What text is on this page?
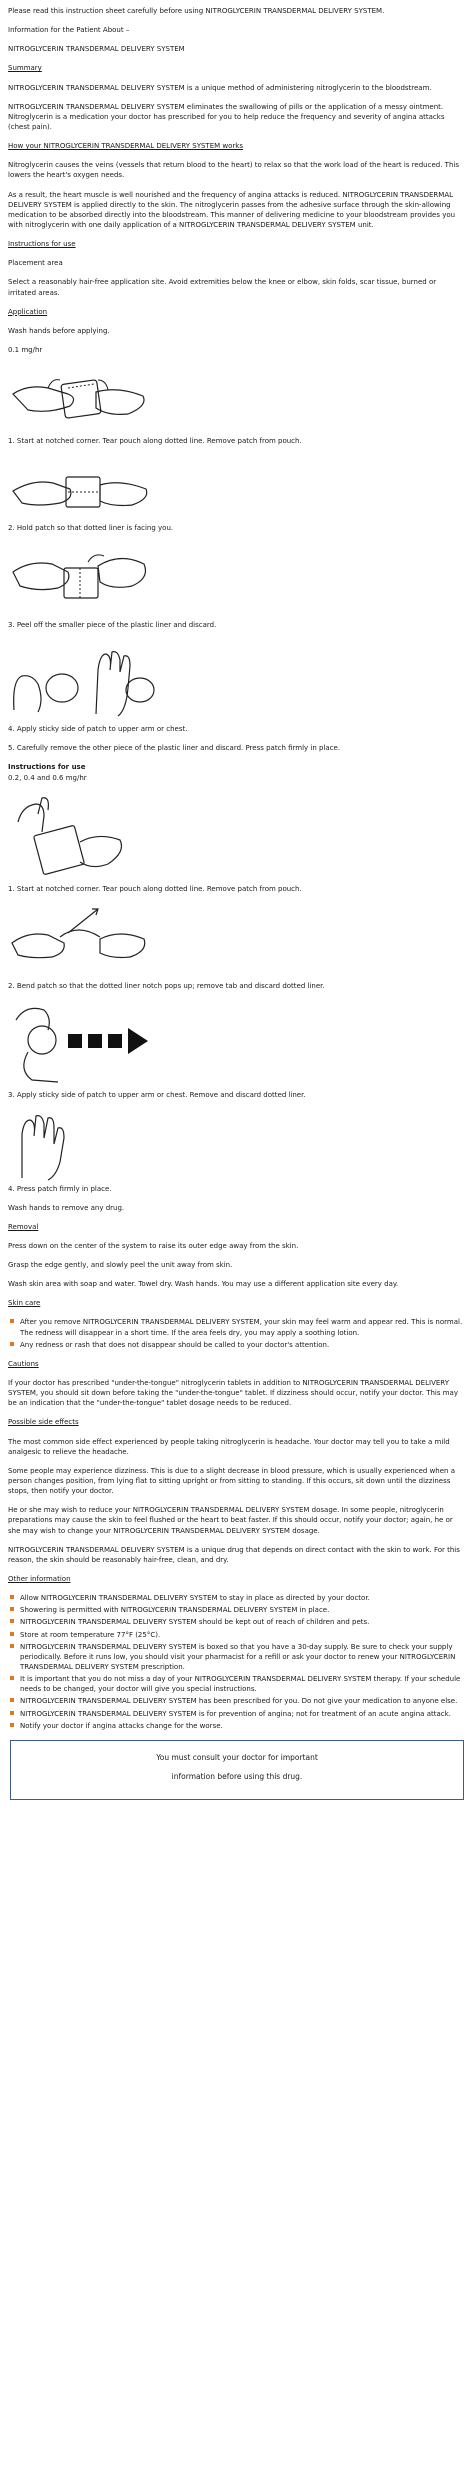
Please read this instruction sheet carefully before using NITROGLYCERIN TRANSDERMAL DELIVERY SYSTEM.

Information for the Patient About –

NITROGLYCERIN TRANSDERMAL DELIVERY SYSTEM

Summary

NITROGLYCERIN TRANSDERMAL DELIVERY SYSTEM is a unique method of administering nitroglycerin to the bloodstream.

NITROGLYCERIN TRANSDERMAL DELIVERY SYSTEM eliminates the swallowing of pills or the application of a messy ointment. Nitroglycerin is a medication your doctor has prescribed for you to help reduce the frequency and severity of angina attacks (chest pain).

How your NITROGLYCERIN TRANSDERMAL DELIVERY SYSTEM works

Nitroglycerin causes the veins (vessels that return blood to the heart) to relax so that the work load of the heart is reduced. This lowers the heart's oxygen needs.

As a result, the heart muscle is well nourished and the frequency of angina attacks is reduced. NITROGLYCERIN TRANSDERMAL DELIVERY SYSTEM is applied directly to the skin. The nitroglycerin passes from the adhesive surface through the skin-allowing medication to be absorbed directly into the bloodstream. This manner of delivering medicine to your bloodstream provides you with nitroglycerin with one daily application of a NITROGLYCERIN TRANSDERMAL DELIVERY SYSTEM unit.

Instructions for use

Placement area

Select a reasonably hair-free application site. Avoid extremities below the knee or elbow, skin folds, scar tissue, burned or irritated areas.

Application

Wash hands before applying.

0.1 mg/hr

1. Start at notched corner. Tear pouch along dotted line. Remove patch from pouch.

2. Hold patch so that dotted liner is facing you.

3. Peel off the smaller piece of the plastic liner and discard.

4. Apply sticky side of patch to upper arm or chest.

5. Carefully remove the other piece of the plastic liner and discard. Press patch firmly in place.

Instructions for use

0.2, 0.4 and 0.6 mg/hr

1. Start at notched corner. Tear pouch along dotted line. Remove patch from pouch.

2. Bend patch so that the dotted liner notch pops up; remove tab and discard dotted liner.

3. Apply sticky side of patch to upper arm or chest. Remove and discard dotted liner.

4. Press patch firmly in place.

Wash hands to remove any drug.

Removal

Press down on the center of the system to raise its outer edge away from the skin.

Grasp the edge gently, and slowly peel the unit away from skin.

Wash skin area with soap and water. Towel dry. Wash hands. You may use a different application site every day.

Skin care

After you remove NITROGLYCERIN TRANSDERMAL DELIVERY SYSTEM, your skin may feel warm and appear red. This is normal. The redness will disappear in a short time. If the area feels dry, you may apply a soothing lotion.
Any redness or rash that does not disappear should be called to your doctor's attention.

Cautions

If your doctor has prescribed "under-the-tongue" nitroglycerin tablets in addition to NITROGLYCERIN TRANSDERMAL DELIVERY SYSTEM, you should sit down before taking the "under-the-tongue" tablet. If dizziness should occur, notify your doctor. This may be an indication that the "under-the-tongue" tablet dosage needs to be reduced.

Possible side effects

The most common side effect experienced by people taking nitroglycerin is headache. Your doctor may tell you to take a mild analgesic to relieve the headache.

Some people may experience dizziness. This is due to a slight decrease in blood pressure, which is usually experienced when a person changes position, from lying flat to sitting upright or from sitting to standing. If this occurs, sit down until the dizziness stops, then notify your doctor.

He or she may wish to reduce your NITROGLYCERIN TRANSDERMAL DELIVERY SYSTEM dosage. In some people, nitroglycerin preparations may cause the skin to feel flushed or the heart to beat faster. If this should occur, notify your doctor; again, he or she may wish to change your NITROGLYCERIN TRANSDERMAL DELIVERY SYSTEM dosage.

NITROGLYCERIN TRANSDERMAL DELIVERY SYSTEM is a unique drug that depends on direct contact with the skin to work. For this reason, the skin should be reasonably hair-free, clean, and dry.

Other information

Allow NITROGLYCERIN TRANSDERMAL DELIVERY SYSTEM to stay in place as directed by your doctor.
Showering is permitted with NITROGLYCERIN TRANSDERMAL DELIVERY SYSTEM in place.
NITROGLYCERIN TRANSDERMAL DELIVERY SYSTEM should be kept out of reach of children and pets.
Store at room temperature 77°F (25°C).
NITROGLYCERIN TRANSDERMAL DELIVERY SYSTEM is boxed so that you have a 30-day supply. Be sure to check your supply periodically. Before it runs low, you should visit your pharmacist for a refill or ask your doctor to renew your NITROGLYCERIN TRANSDERMAL DELIVERY SYSTEM prescription.
It is important that you do not miss a day of your NITROGLYCERIN TRANSDERMAL DELIVERY SYSTEM therapy. If your schedule needs to be changed, your doctor will give you special instructions.
NITROGLYCERIN TRANSDERMAL DELIVERY SYSTEM has been prescribed for you. Do not give your medication to anyone else.
NITROGLYCERIN TRANSDERMAL DELIVERY SYSTEM is for prevention of angina; not for treatment of an acute angina attack.
Notify your doctor if angina attacks change for the worse.
You must consult your doctor for important
information before using this drug.
